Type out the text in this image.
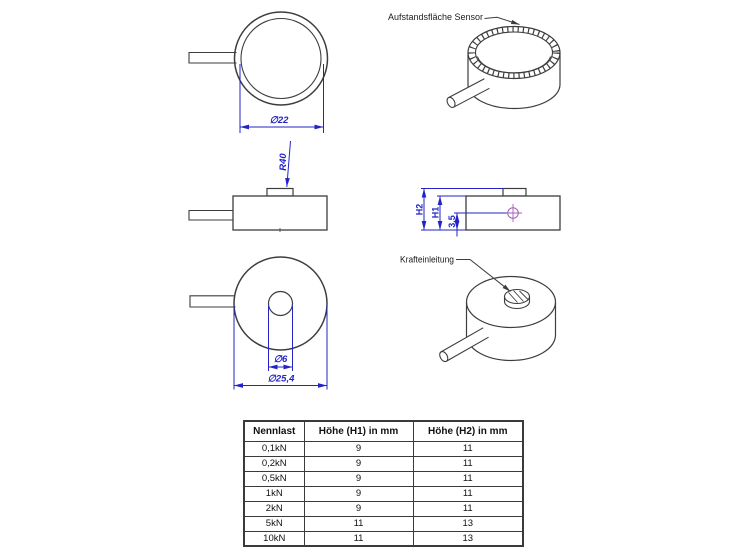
∅22
Aufstandsfläche Sensor
R40
H2 H1
3,5
∅6
∅25,4
Krafteinleitung
Nennlast	Höhe (H1) in mm	Höhe (H2) in mm
0,1kN	9	11
0,2kN	9	11
0,5kN	9	11
1kN	9	11
2kN	9	11
5kN	11	13
10kN	11	13
